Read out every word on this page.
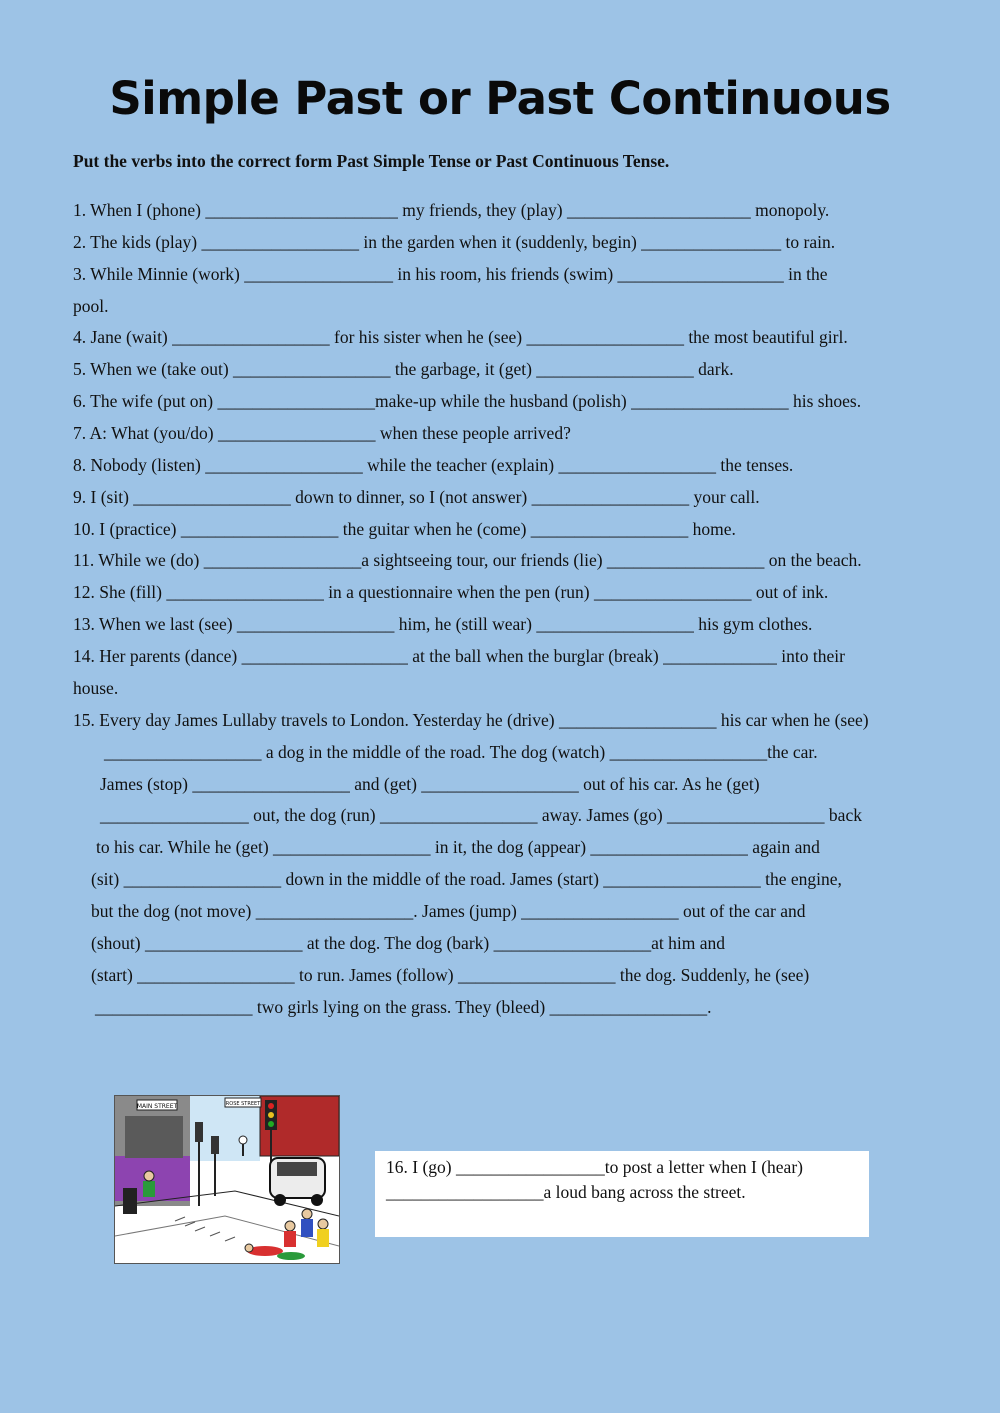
Simple Past or Past Continuous
Put the verbs into the correct form Past Simple Tense or Past Continuous Tense.
1. When I (phone) ______________________ my friends, they (play) _____________________ monopoly.
2. The kids (play) __________________ in the garden when it (suddenly, begin) ________________ to rain.
3. While Minnie (work) _________________ in his room, his friends (swim) ___________________ in the
pool.
4. Jane (wait) __________________ for his sister when he (see) __________________ the most beautiful girl.
5. When we (take out) __________________ the garbage, it (get) __________________ dark.
6. The wife (put on) __________________make-up while the husband (polish) __________________ his shoes.
7. A: What (you/do) __________________ when these people arrived?
8. Nobody (listen) __________________ while the teacher (explain) __________________ the tenses.
9. I (sit) __________________ down to dinner, so I (not answer) __________________ your call.
10. I (practice) __________________ the guitar when he (come) __________________ home.
11. While we (do) __________________a sightseeing tour, our friends (lie) __________________ on the beach.
12. She (fill) __________________ in a questionnaire when the pen (run) __________________ out of ink.
13. When we last (see) __________________ him, he (still wear) __________________ his gym clothes.
14. Her parents (dance) ___________________ at the ball when the burglar (break) _____________ into their
house.
15. Every day James Lullaby travels to London. Yesterday he (drive) __________________ his car when he (see)
__________________ a dog in the middle of the road. The dog (watch) __________________the car.
James (stop) __________________ and (get) __________________ out of his car. As he (get)
_________________ out, the dog (run) __________________ away. James (go) __________________ back
to his car. While he (get) __________________ in it, the dog (appear) __________________ again and
(sit) __________________ down in the middle of the road. James (start) __________________ the engine,
but the dog (not move) __________________. James (jump) __________________ out of the car and
(shout) __________________ at the dog. The dog (bark) __________________at him and
(start) __________________ to run. James (follow) __________________ the dog. Suddenly, he (see)
__________________ two girls lying on the grass. They (bleed) __________________.
MAIN STREET	ROSE STREET
16. I (go) _________________to post a letter when I (hear)
__________________a loud bang across the street.
